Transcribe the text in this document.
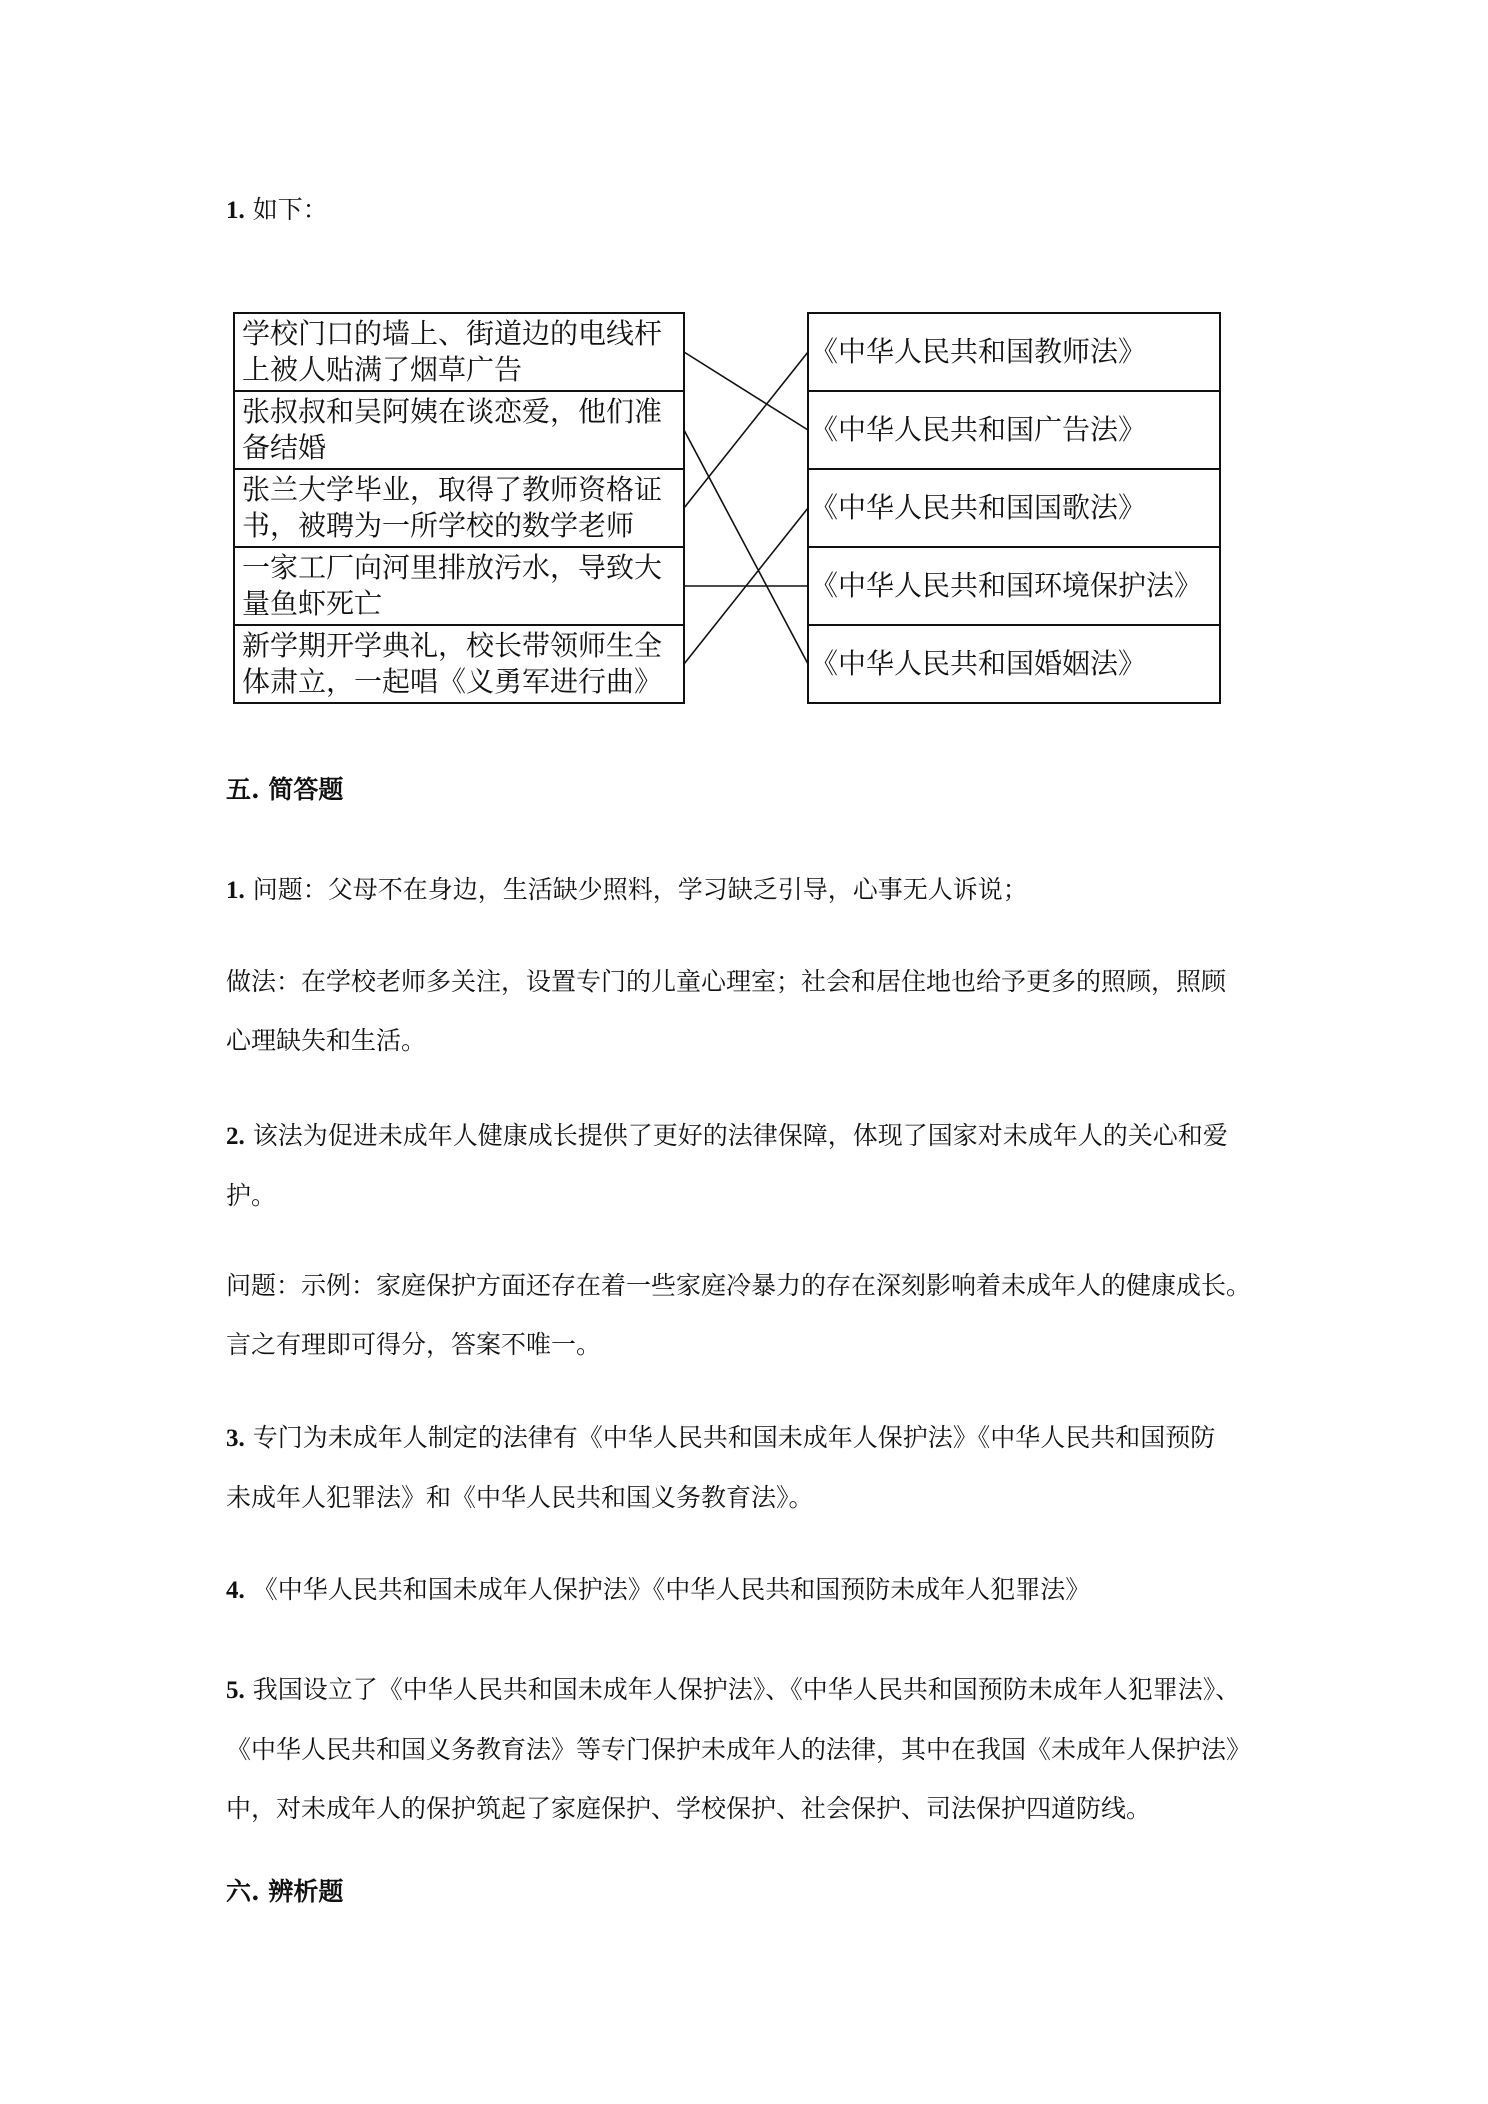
1. 如下：

学校门口的墙上、街道边的电线杆
上被人贴满了烟草广告
张叔叔和吴阿姨在谈恋爱，他们准
备结婚
张兰大学毕业，取得了教师资格证
书，被聘为一所学校的数学老师
一家工厂向河里排放污水，导致大
量鱼虾死亡
新学期开学典礼，校长带领师生全
体肃立，一起唱《义勇军进行曲》
《中华人民共和国教师法》
《中华人民共和国广告法》
《中华人民共和国国歌法》
《中华人民共和国环境保护法》
《中华人民共和国婚姻法》

五. 简答题

1. 问题：父母不在身边，生活缺少照料，学习缺乏引导，心事无人诉说；

做法：在学校老师多关注，设置专门的儿童心理室；社会和居住地也给予更多的照顾，照顾
心理缺失和生活。
2. 该法为促进未成年人健康成长提供了更好的法律保障，体现了国家对未成年人的关心和爱
护。
问题：示例：家庭保护方面还存在着一些家庭冷暴力的存在深刻影响着未成年人的健康成长。
言之有理即可得分，答案不唯一。
3. 专门为未成年人制定的法律有《中华人民共和国未成年人保护法》《中华人民共和国预防
未成年人犯罪法》和《中华人民共和国义务教育法》。

4. 《中华人民共和国未成年人保护法》《中华人民共和国预防未成年人犯罪法》

5. 我国设立了《中华人民共和国未成年人保护法》、《中华人民共和国预防未成年人犯罪法》、
《中华人民共和国义务教育法》等专门保护未成年人的法律，其中在我国《未成年人保护法》
中，对未成年人的保护筑起了家庭保护、学校保护、社会保护、司法保护四道防线。

六. 辨析题
